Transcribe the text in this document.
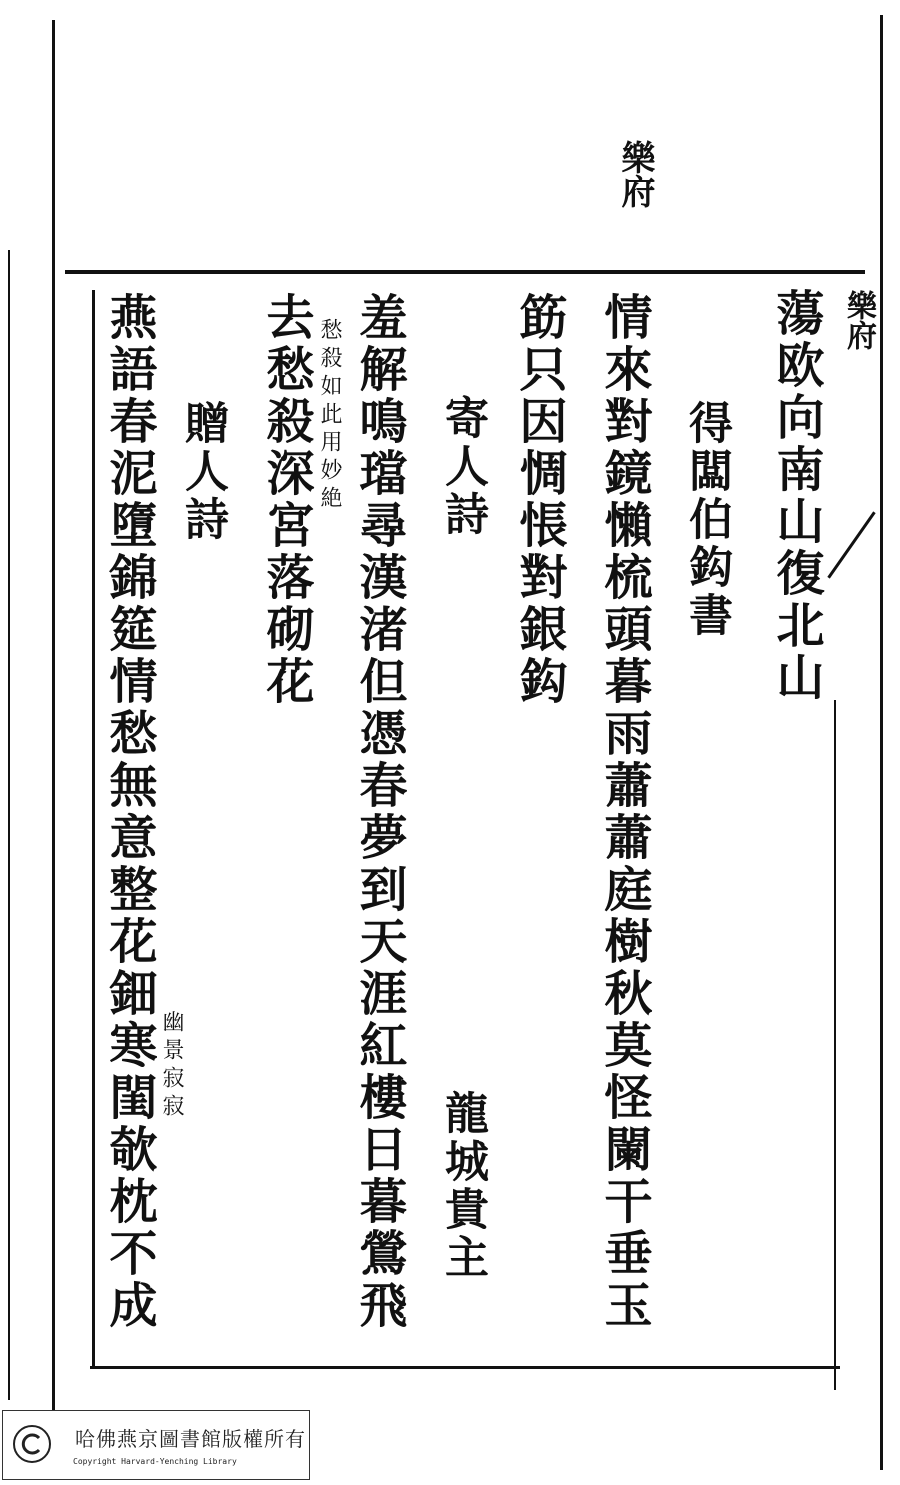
樂府
樂府
蕩欧向南山復北山
得闆伯鈎書
情來對鏡懶梳頭暮雨蕭蕭庭樹秋莫怪闌干垂玉
筯只因惆悵對銀鈎
寄人詩
龍城貴主
羞解鳴璫尋漢渚但憑春夢到天涯紅樓日暮鶯飛
愁殺如此用妙絶
去愁殺深宮落砌花
贈人詩
燕語春泥墮錦筵情愁無意整花鈿寒閨欹枕不成 幽景寂寂
哈佛燕京圖書館版權所有
Copyright Harvard-Yenching Library
